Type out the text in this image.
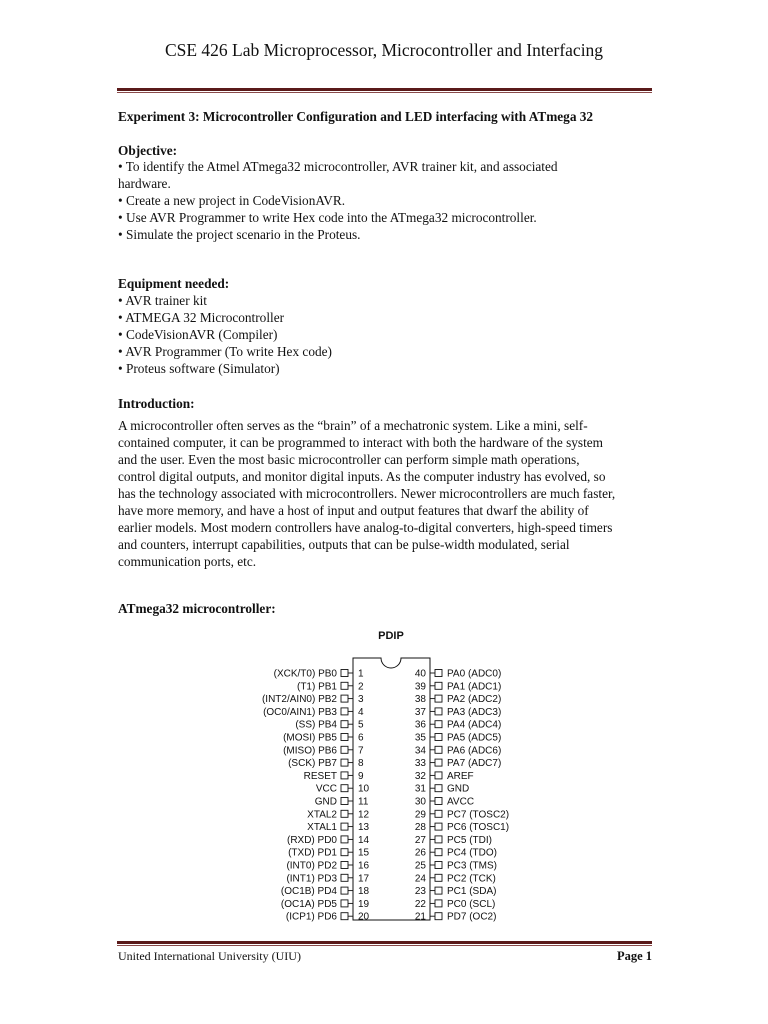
CSE 426 Lab Microprocessor, Microcontroller and Interfacing
Experiment 3: Microcontroller Configuration and LED interfacing with ATmega 32
Objective:
• To identify the Atmel ATmega32 microcontroller, AVR trainer kit, and associated
hardware.
• Create a new project in CodeVisionAVR.
• Use AVR Programmer to write Hex code into the ATmega32 microcontroller.
• Simulate the project scenario in the Proteus.
Equipment needed:
• AVR trainer kit
• ATMEGA 32 Microcontroller
• CodeVisionAVR (Compiler)
• AVR Programmer (To write Hex code)
• Proteus software (Simulator)
Introduction:
A microcontroller often serves as the “brain” of a mechatronic system. Like a mini, self-
contained computer, it can be programmed to interact with both the hardware of the system
and the user. Even the most basic microcontroller can perform simple math operations,
control digital outputs, and monitor digital inputs. As the computer industry has evolved, so
has the technology associated with microcontrollers. Newer microcontrollers are much faster,
have more memory, and have a host of input and output features that dwarf the ability of
earlier models. Most modern controllers have analog-to-digital converters, high-speed timers
and counters, interrupt capabilities, outputs that can be pulse-width modulated, serial
communication ports, etc.
ATmega32 microcontroller:
PDIP
(XCK/T0) PB0 1
(T1) PB1 2
(INT2/AIN0) PB2 3
(OC0/AIN1) PB3 4
(SS) PB4 5
(MOSI) PB5 6
(MISO) PB6 7
(SCK) PB7 8
RESET 9
VCC 10
GND 11
XTAL2 12
XTAL1 13
(RXD) PD0 14
(TXD) PD1 15
(INT0) PD2 16
(INT1) PD3 17
(OC1B) PD4 18
(OC1A) PD5 19
(ICP1) PD6 20
40 PA0 (ADC0)
39 PA1 (ADC1)
38 PA2 (ADC2)
37 PA3 (ADC3)
36 PA4 (ADC4)
35 PA5 (ADC5)
34 PA6 (ADC6)
33 PA7 (ADC7)
32 AREF
31 GND
30 AVCC
29 PC7 (TOSC2)
28 PC6 (TOSC1)
27 PC5 (TDI)
26 PC4 (TDO)
25 PC3 (TMS)
24 PC2 (TCK)
23 PC1 (SDA)
22 PC0 (SCL)
21 PD7 (OC2)
United International University (UIU)	Page 1
